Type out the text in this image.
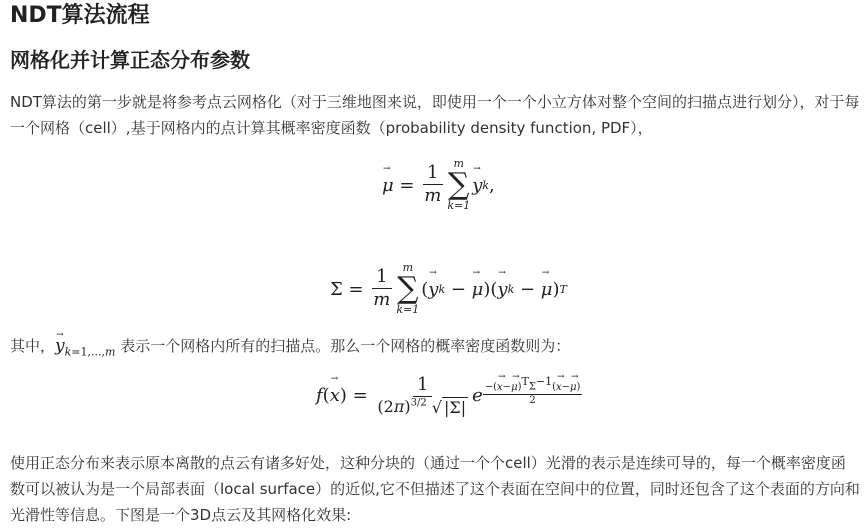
NDT算法流程
网格化并计算正态分布参数

NDT算法的第一步就是将参考点云网格化（对于三维地图来说，即使用一个一个小立方体对整个空间的扫描点进行划分），对于每一个网格（cell）,基于网格内的点计算其概率密度函数（probability density function, PDF），

→ $\mu = \frac{1}{m}$ m
∑
k=1
→ y k ,
$\Sigma = \frac{1}{m}$ m
∑
k=1
( → y k − → μ )( → y k − → μ ) T

其中，→ $y_{k=1,...,m}$ 表示一个网格内所有的扫描点。那么一个网格的概率密度函数则为：

f ( → x ) = $\frac{1}{(2\pi)^{3/2} √ |\Sigma|}$ e −(→ $x-\to \mu)^T\Sigma^{-1}(\to x-\to \mu)$
2

使用正态分布来表示原本离散的点云有诸多好处，这种分块的（通过一个个cell）光滑的表示是连续可导的，每一个概率密度函数可以被认为是一个局部表面（local surface）的近似,它不但描述了这个表面在空间中的位置，同时还包含了这个表面的方向和光滑性等信息。下图是一个3D点云及其网格化效果:
